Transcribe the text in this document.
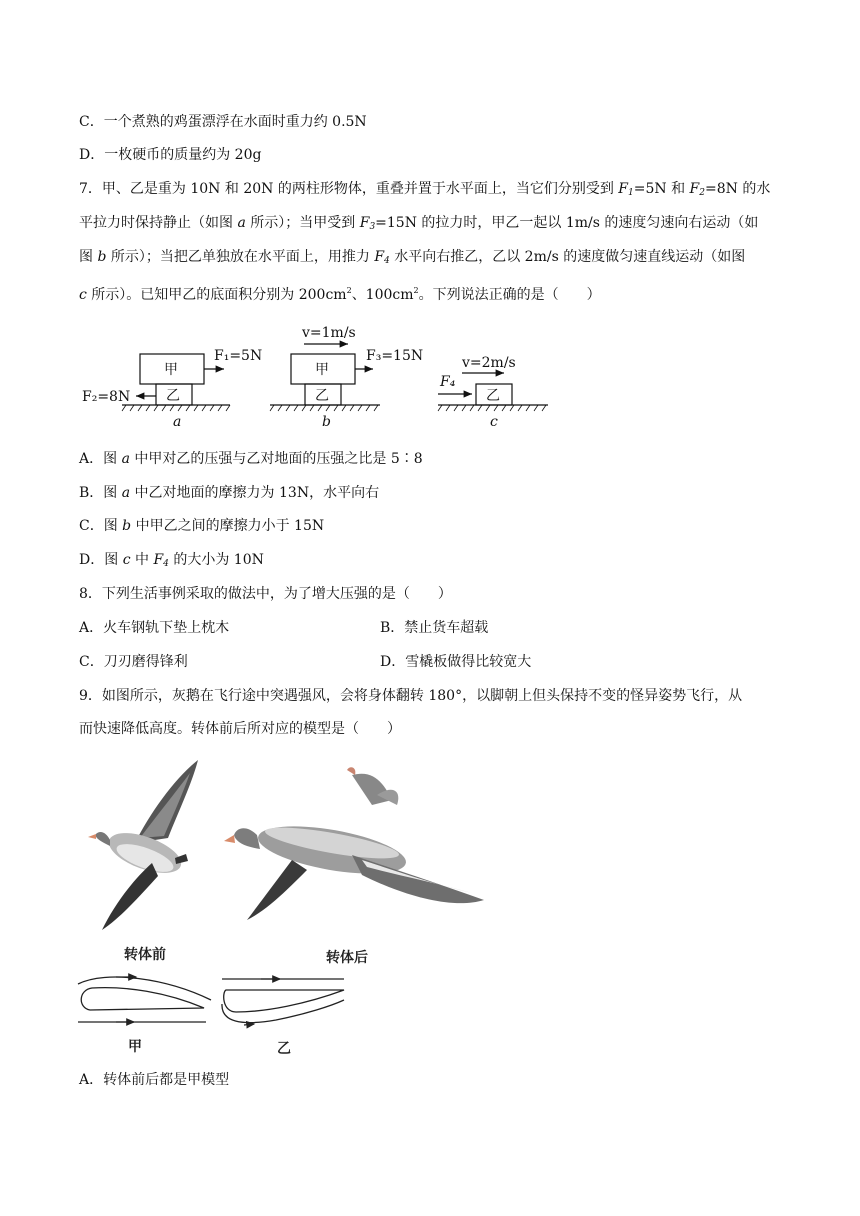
C．一个煮熟的鸡蛋漂浮在水面时重力约 0.5N
D．一枚硬币的质量约为 20g
7．甲、乙是重为 10N 和 20N 的两柱形物体，重叠并置于水平面上，当它们分别受到 $F_1=5N$ 和 $F_2=8N$ 的水
平拉力时保持静止（如图 a 所示）；当甲受到 $F_3=15N$ 的拉力时，甲乙一起以 1m/s 的速度匀速向右运动（如
图 b 所示）；当把乙单独放在水平面上，用推力 $F_4$ 水平向右推乙，乙以 2m/s 的速度做匀速直线运动（如图
c 所示）。已知甲乙的底面积分别为 $200cm^2$、$100cm^2$。下列说法正确的是（　　）
甲
乙
F₁=5N
F₂=8N
a
甲
乙
v=1m/s
F₃=15N
b
乙
v=2m/s
F₄
c
A．图 a 中甲对乙的压强与乙对地面的压强之比是 5∶8
B．图 a 中乙对地面的摩擦力为 13N，水平向右
C．图 b 中甲乙之间的摩擦力小于 15N
D．图 c 中 $F_4$ 的大小为 10N
8．下列生活事例采取的做法中，为了增大压强的是（　　）
A．火车钢轨下垫上枕木	B．禁止货车超载
C．刀刃磨得锋利	D．雪橇板做得比较宽大
9．如图所示，灰鹅在飞行途中突遇强风，会将身体翻转 180°，以脚朝上但头保持不变的怪异姿势飞行，从
而快速降低高度。转体前后所对应的模型是（　　）
转体前	转体后
甲	乙
A．转体前后都是甲模型
